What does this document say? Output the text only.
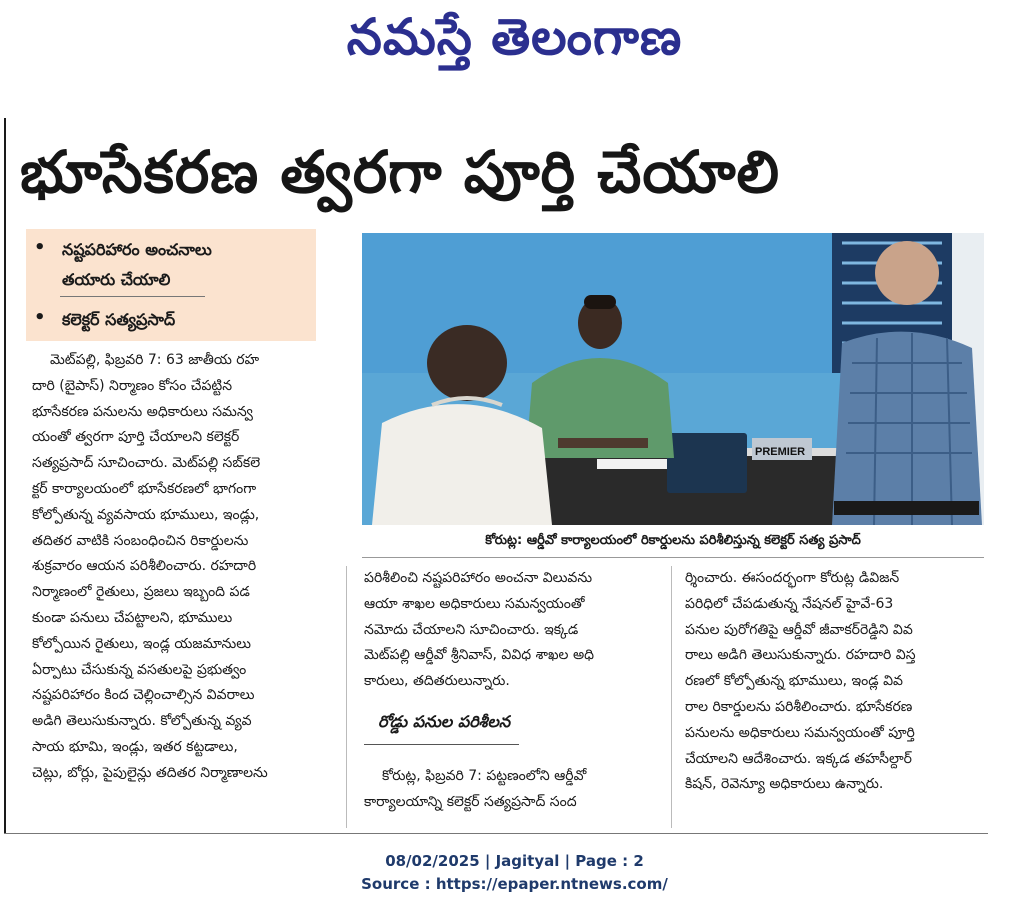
నమస్తే తెలంగాణ
భూసేకరణ త్వరగా పూర్తి చేయాలి
• నష్టపరిహారం అంచనాలు
తయారు చేయాలి
• కలెక్టర్ సత్యప్రసాద్
PREMIER
కోరుట్ల: ఆర్డీవో కార్యాలయంలో రికార్డులను పరిశీలిస్తున్న కలెక్టర్ సత్య ప్రసాద్

మెట్‌పల్లి, ఫిబ్రవరి 7: 63 జాతీయ రహ

దారి (బైపాస్) నిర్మాణం కోసం చేపట్టిన

భూసేకరణ పనులను అధికారులు సమన్వ

యంతో త్వరగా పూర్తి చేయాలని కలెక్టర్

సత్యప్రసాద్ సూచించారు. మెట్‌పల్లి సబ్‌కలె

క్టర్ కార్యాలయంలో భూసేకరణలో భాగంగా

కోల్పోతున్న వ్యవసాయ భూములు, ఇండ్లు,

తదితర వాటికి సంబంధించిన రికార్డులను

శుక్రవారం ఆయన పరిశీలించారు. రహదారి

నిర్మాణంలో రైతులు, ప్రజలు ఇబ్బంది పడ

కుండా పనులు చేపట్టాలని, భూములు

కోల్పోయిన రైతులు, ఇండ్ల యజమానులు

ఏర్పాటు చేసుకున్న వసతులపై ప్రభుత్వం

నష్టపరిహారం కింద చెల్లించాల్సిన వివరాలు

అడిగి తెలుసుకున్నారు. కోల్పోతున్న వ్యవ

సాయ భూమి, ఇండ్లు, ఇతర కట్టడాలు,

చెట్లు, బోర్లు, పైపులైన్లు తదితర నిర్మాణాలను

పరిశీలించి నష్టపరిహారం అంచనా విలువను

ఆయా శాఖల అధికారులు సమన్వయంతో

నమోదు చేయాలని సూచించారు. ఇక్కడ

మెట్‌పల్లి ఆర్డీవో శ్రీనివాస్, వివిధ శాఖల అధి

కారులు, తదితరులున్నారు.

రోడ్డు పనుల పరిశీలన

కోరుట్ల, ఫిబ్రవరి 7: పట్టణంలోని ఆర్డీవో

కార్యాలయాన్ని కలెక్టర్ సత్యప్రసాద్ సంద

ర్శించారు. ఈసందర్భంగా కోరుట్ల డివిజన్

పరిధిలో చేపడుతున్న నేషనల్ హైవే-63

పనుల పురోగతిపై ఆర్డీవో జీవాకర్‌రెడ్డిని వివ

రాలు అడిగి తెలుసుకున్నారు. రహదారి విస్త

రణలో కోల్పోతున్న భూములు, ఇండ్ల వివ

రాల రికార్డులను పరిశీలించారు. భూసేకరణ

పనులను అధికారులు సమన్వయంతో పూర్తి

చేయాలని ఆదేశించారు. ఇక్కడ తహసీల్దార్

కిషన్, రెవెన్యూ అధికారులు ఉన్నారు.

08/02/2025 | Jagityal | Page : 2
Source : https://epaper.ntnews.com/
